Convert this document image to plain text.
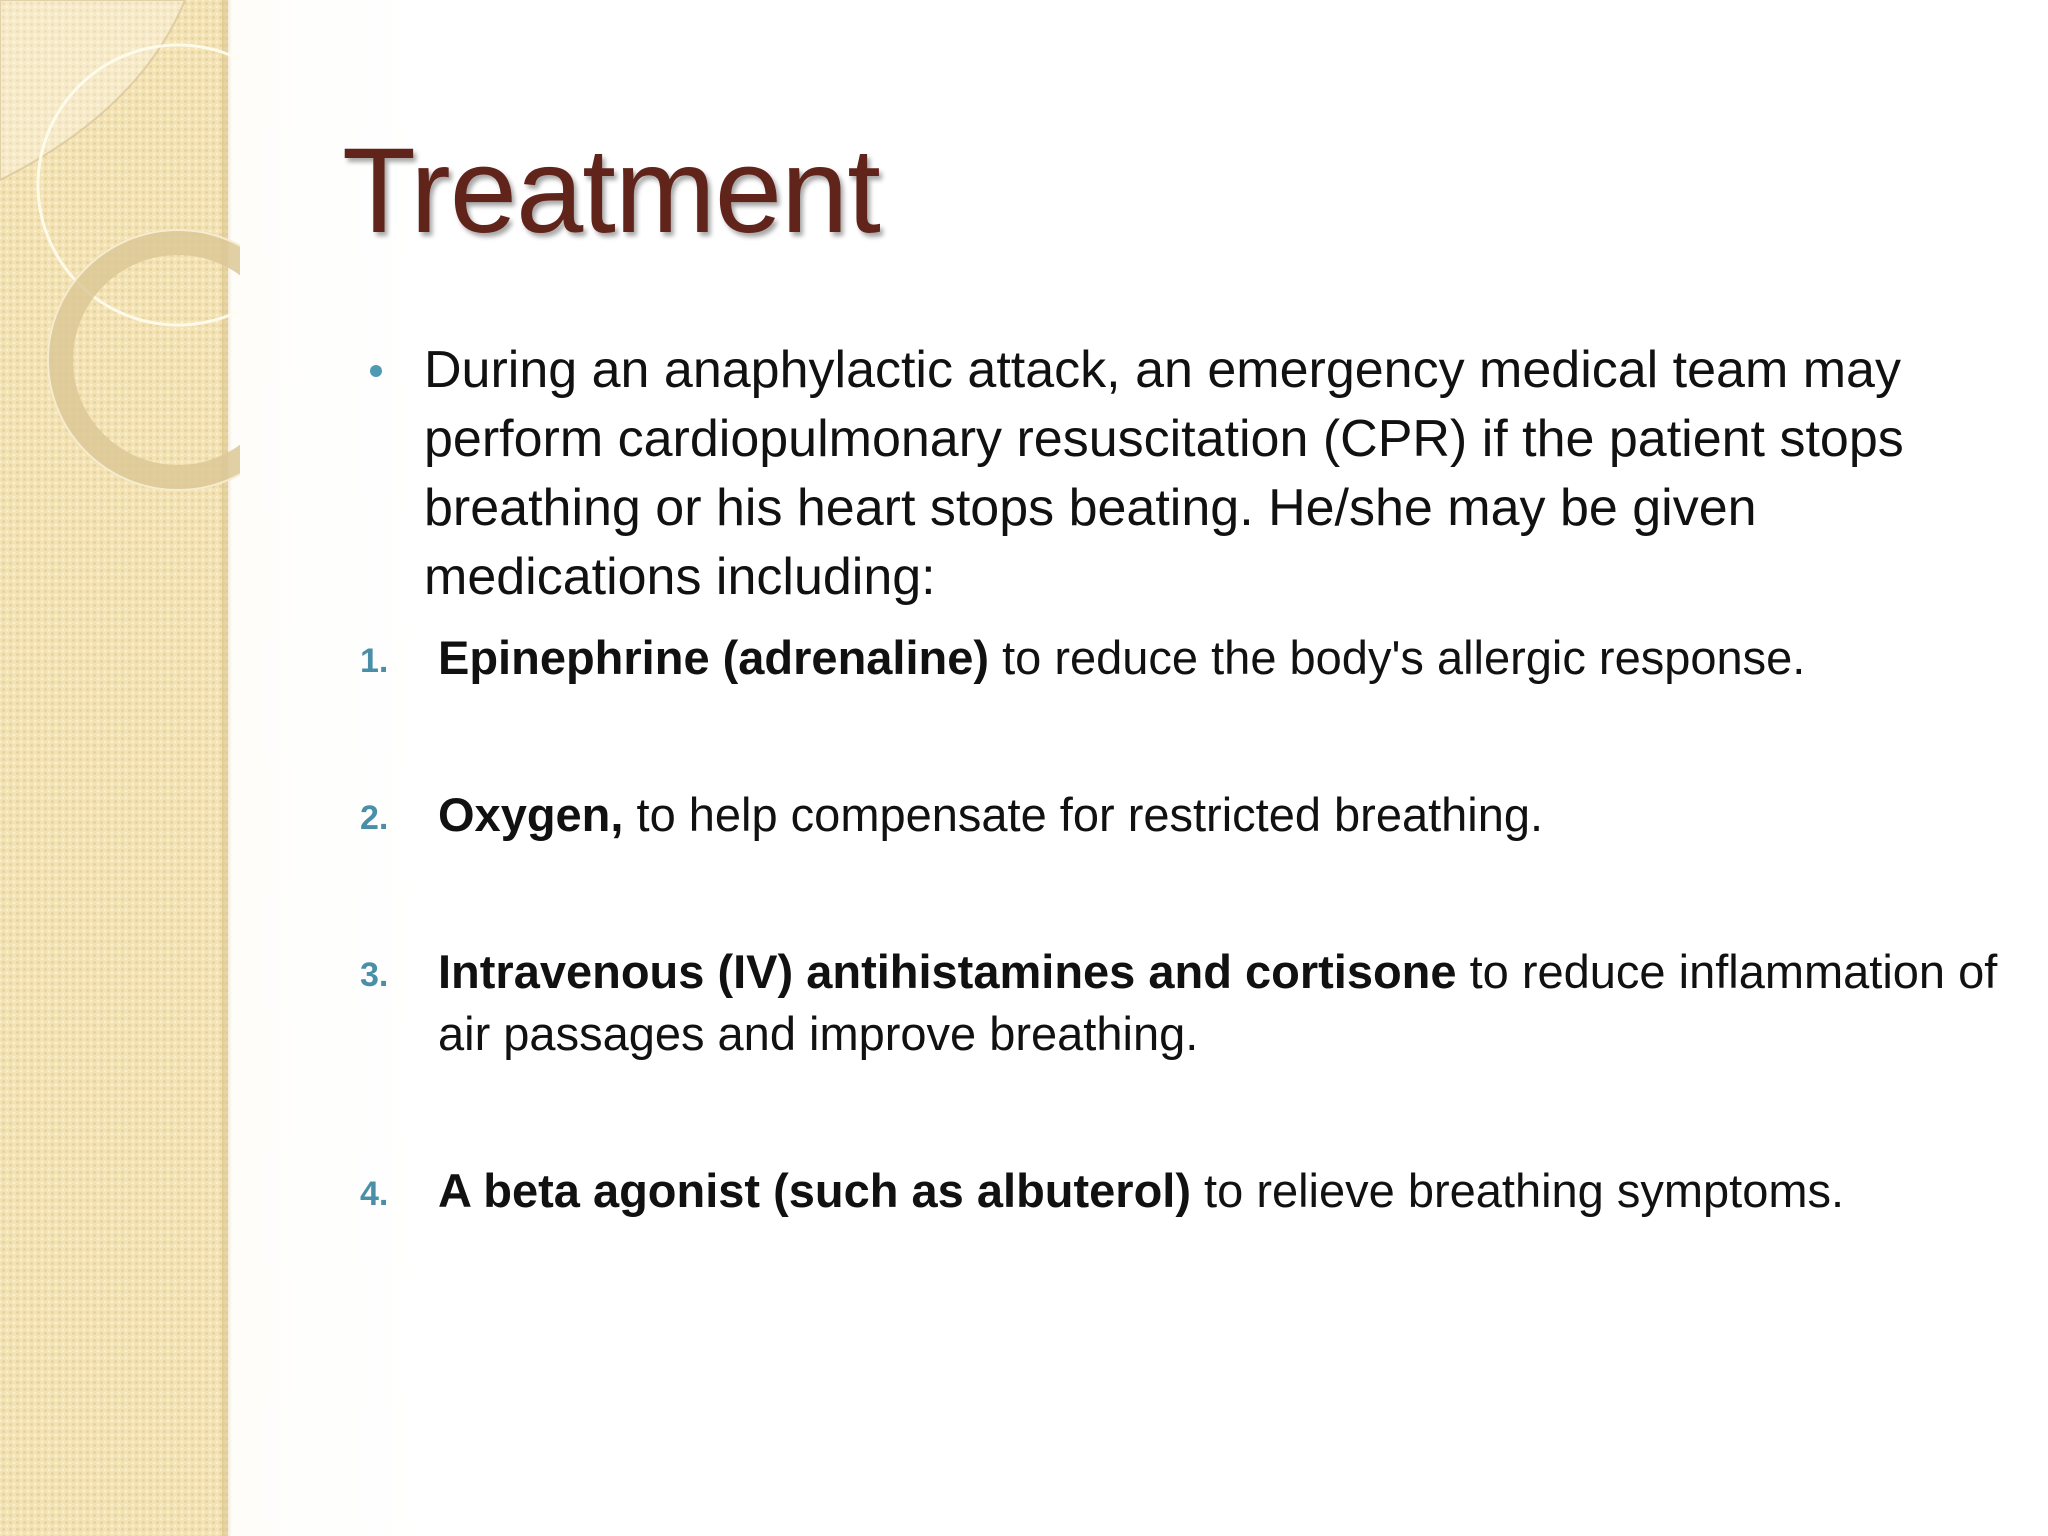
Treatment

During an anaphylactic attack, an emergency medical team may perform cardiopulmonary resuscitation (CPR) if the patient stops breathing or his heart stops beating. He/she may be given medications including:

1. Epinephrine (adrenaline) to reduce the body's allergic response.

2. Oxygen, to help compensate for restricted breathing.

3. Intravenous (IV) antihistamines and cortisone to reduce inflammation of air passages and improve breathing.

4. A beta agonist (such as albuterol) to relieve breathing symptoms.
